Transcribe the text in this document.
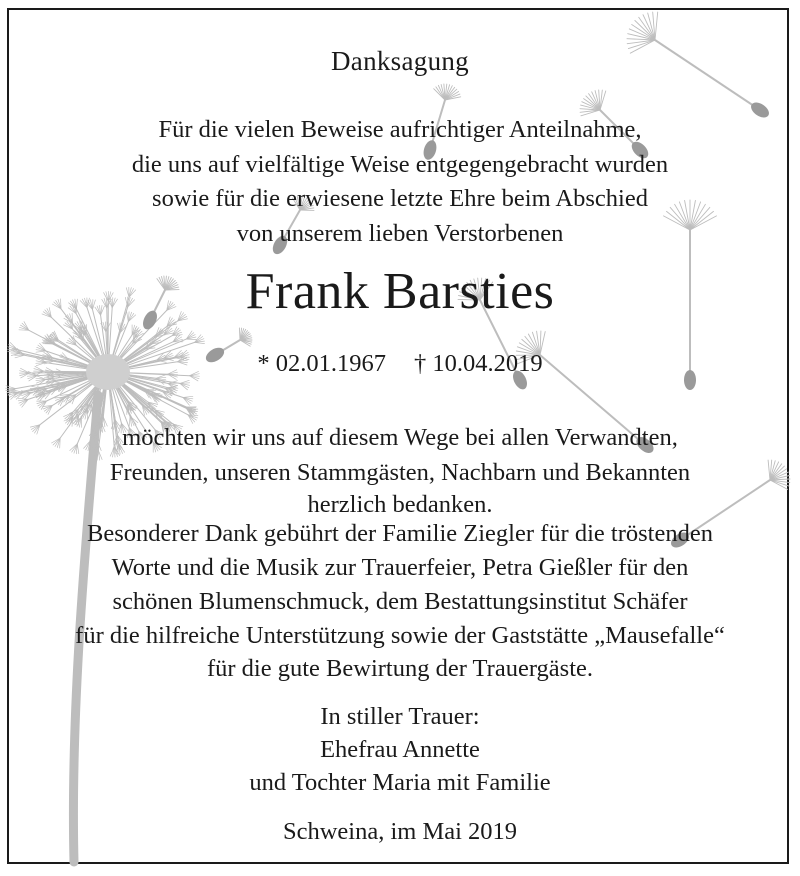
Danksagung
Für die vielen Beweise aufrichtiger Anteilnahme,
die uns auf vielfältige Weise entgegengebracht wurden
sowie für die erwiesene letzte Ehre beim Abschied
von unserem lieben Verstorbenen
Frank Barsties
* 02.01.1967 † 10.04.2019
möchten wir uns auf diesem Wege bei allen Verwandten,
Freunden, unseren Stammgästen, Nachbarn und Bekannten
herzlich bedanken.
Besonderer Dank gebührt der Familie Ziegler für die tröstenden
Worte und die Musik zur Trauerfeier, Petra Gießler für den
schönen Blumenschmuck, dem Bestattungsinstitut Schäfer
für die hilfreiche Unterstützung sowie der Gaststätte „Mausefalle“
für die gute Bewirtung der Trauergäste.
In stiller Trauer:
Ehefrau Annette
und Tochter Maria mit Familie
Schweina, im Mai 2019
